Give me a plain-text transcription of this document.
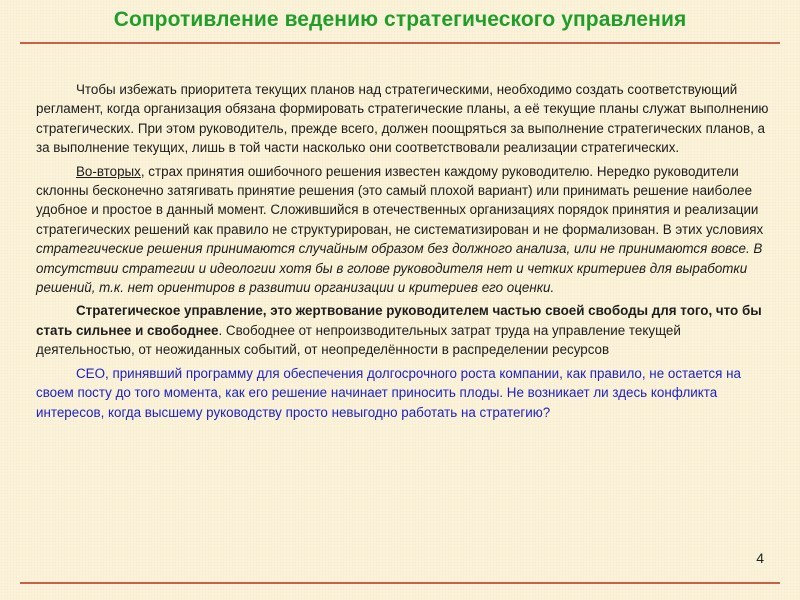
Сопротивление ведению стратегического управления

Чтобы избежать приоритета текущих планов над стратегическими, необходимо создать соответствующий регламент, когда организация обязана формировать стратегические планы, а её текущие планы служат выполнению стратегических. При этом руководитель, прежде всего, должен поощряться за выполнение стратегических планов, а за выполнение текущих, лишь в той части насколько они соответствовали реализации стратегических.

Во-вторых, страх принятия ошибочного решения известен каждому руководителю. Нередко руководители склонны бесконечно затягивать принятие решения (это самый плохой вариант) или принимать решение наиболее удобное и простое в данный момент. Сложившийся в отечественных организациях порядок принятия и реализации стратегических решений как правило не структурирован, не систематизирован и не формализован. В этих условиях стратегические решения принимаются случайным образом без должного анализа, или не принимаются вовсе. В отсутствии стратегии и идеологии хотя бы в голове руководителя нет и четких критериев для выработки решений, т.к. нет ориентиров в развитии организации и критериев его оценки.

Стратегическое управление, это жертвование руководителем частью своей свободы для того, что бы стать сильнее и свободнее. Свободнее от непроизводительных затрат труда на управление текущей деятельностью, от неожиданных событий, от неопределённости в распределении ресурсов

СЕО, принявший программу для обеспечения долгосрочного роста компании, как правило, не остается на своем посту до того момента, как его решение начинает приносить плоды. Не возникает ли здесь конфликта интересов, когда высшему руководству просто невыгодно работать на стратегию?

4
